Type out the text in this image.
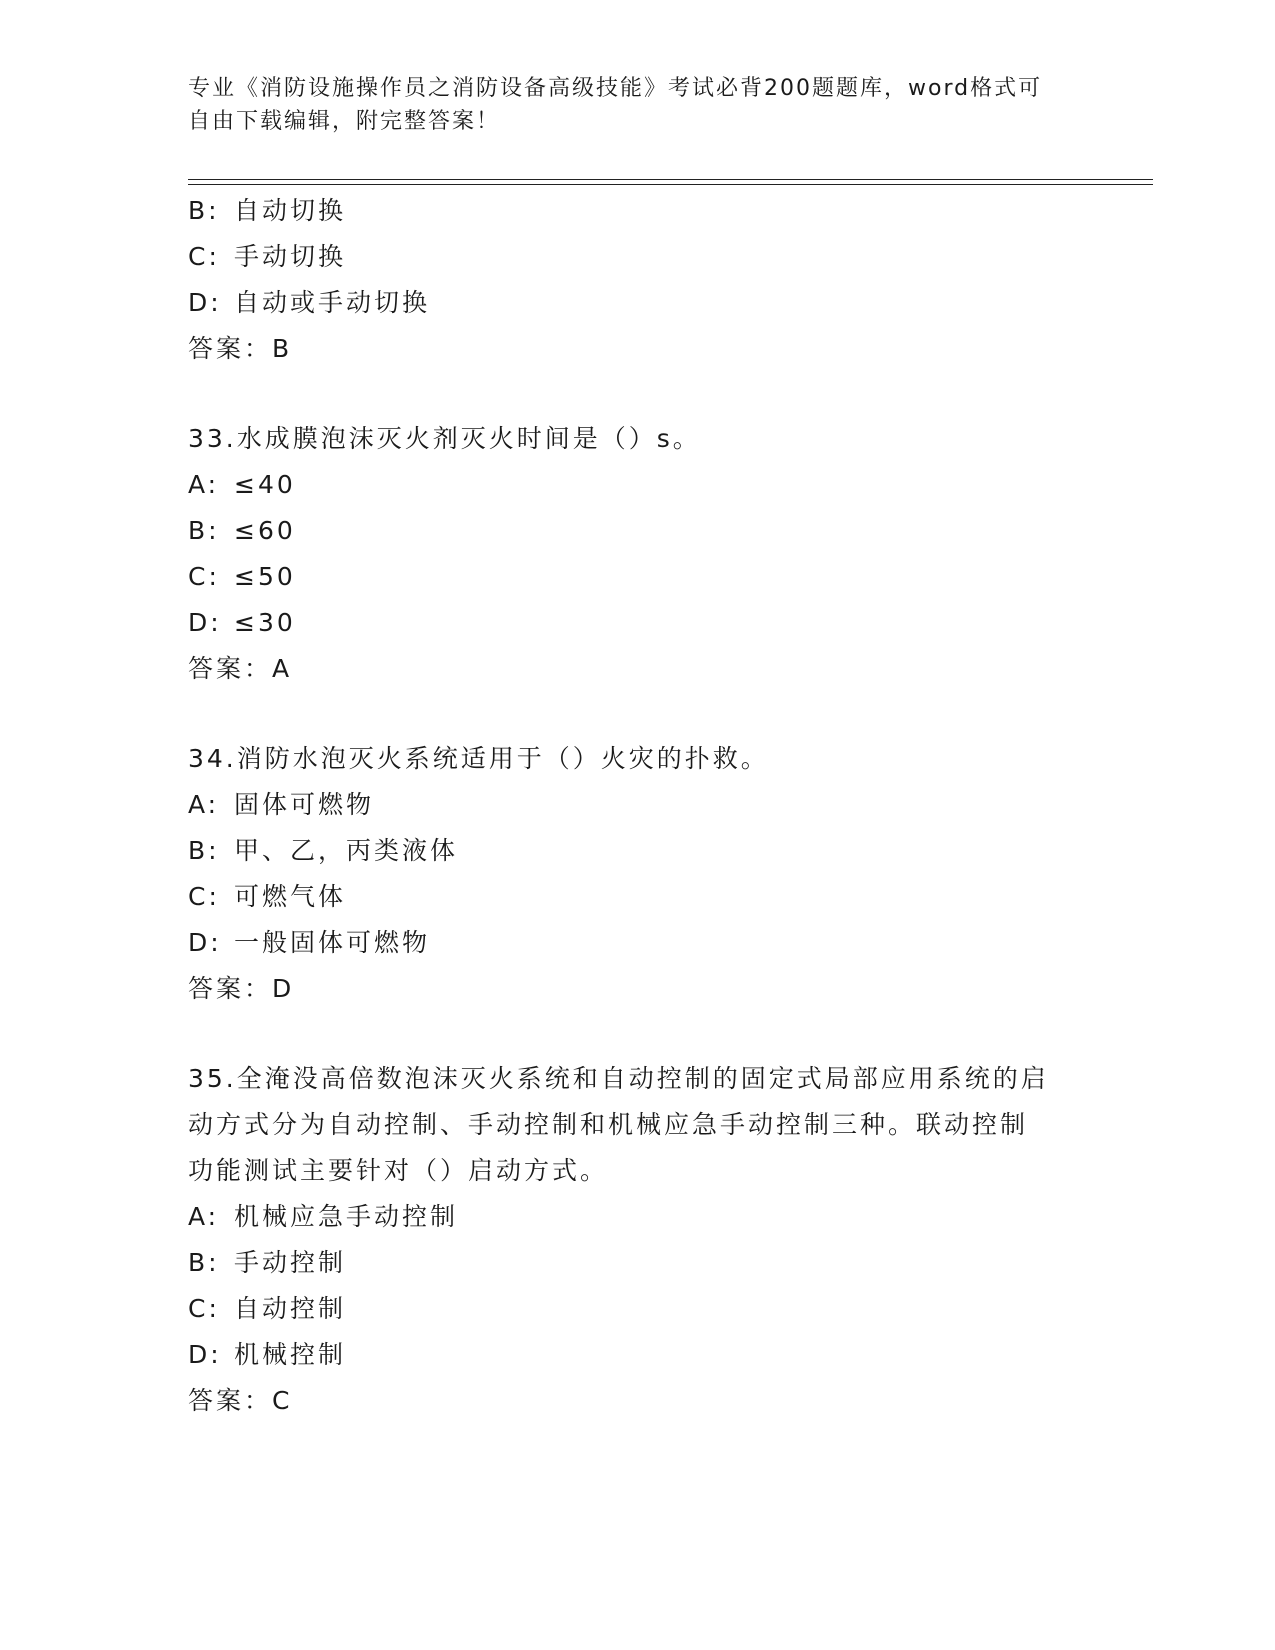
专业《消防设施操作员之消防设备高级技能》考试必背200题题库，word格式可
自由下载编辑，附完整答案！
B: 自动切换
C: 手动切换
D: 自动或手动切换
答案：B
33.水成膜泡沫灭火剂灭火时间是（）s。
A: ≤40
B: ≤60
C: ≤50
D: ≤30
答案：A
34.消防水泡灭火系统适用于（）火灾的扑救。
A: 固体可燃物
B: 甲、乙，丙类液体
C: 可燃气体
D: 一般固体可燃物
答案：D
35.全淹没高倍数泡沫灭火系统和自动控制的固定式局部应用系统的启
动方式分为自动控制、手动控制和机械应急手动控制三种。联动控制
功能测试主要针对（）启动方式。
A: 机械应急手动控制
B: 手动控制
C: 自动控制
D: 机械控制
答案：C
